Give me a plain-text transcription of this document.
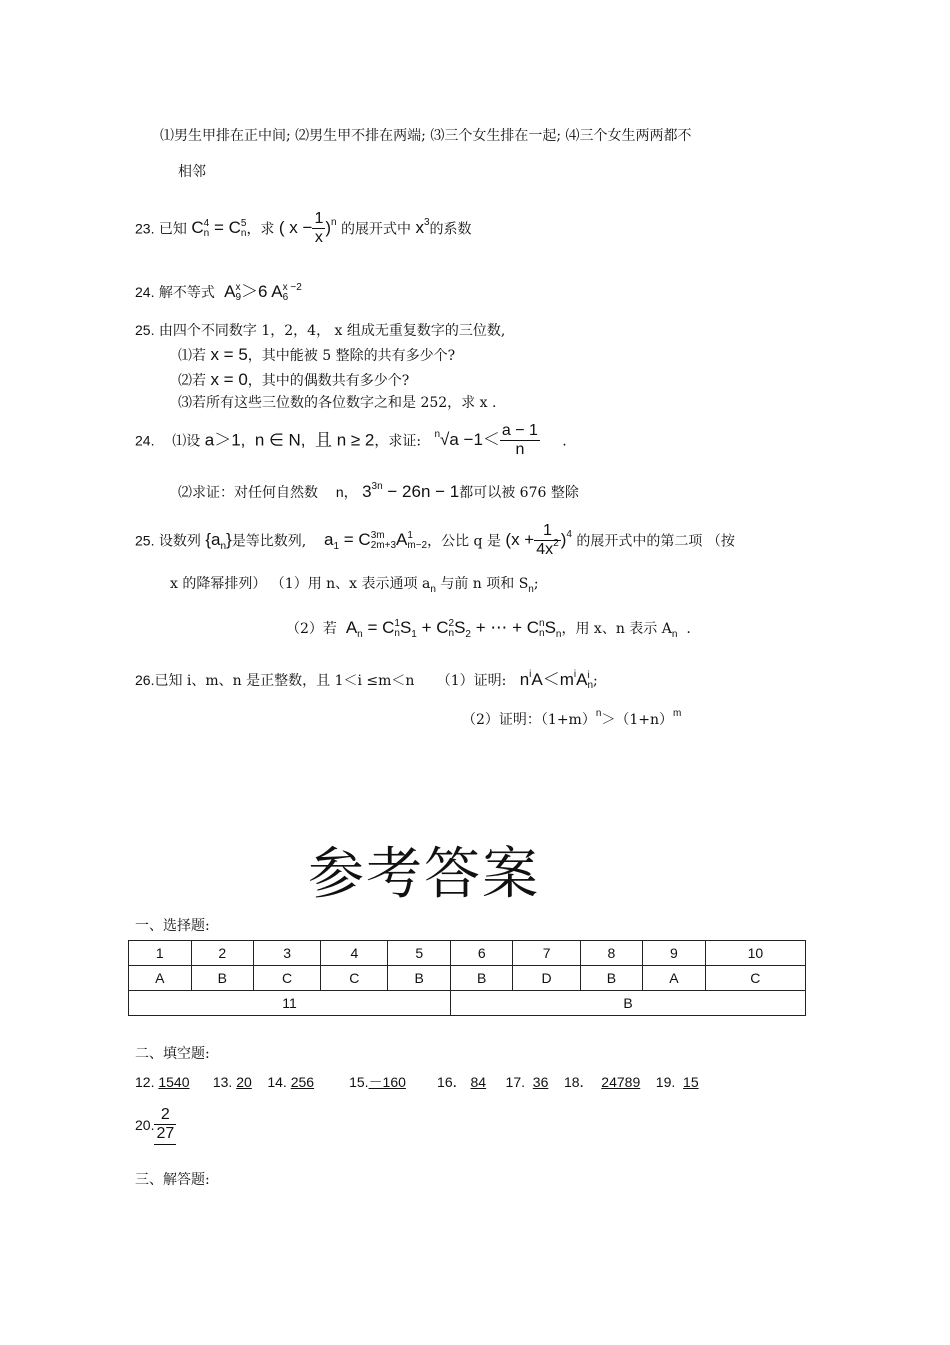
⑴男生甲排在正中间; ⑵男生甲不排在两端; ⑶三个女生排在一起; ⑷三个女生两两都不
相邻
23. 已知 C4
n = C5
n，求 ( $x - \frac{1}{x} )^n$ 的展开式中 $x^3$的系数
24. 解不等式  Ax
9＞6 Ax −2
6
25. 由四个不同数字 1，2，4， x 组成无重复数字的三位数,
⑴若 x = 5，其中能被 5 整除的共有多少个?
⑵若 x = 0，其中的偶数共有多少个?
⑶若所有这些三位数的各位数字之和是 252，求 x .
24. ⑴设 a＞1,  n ∈ N,  且 n ≥ 2，求证: $^n√a -1< \frac{a - 1}{n}$ .
⑵求证：对任何自然数 n， $3^{3n} - 26n - 1$都可以被 676 整除
25. 设数列 $\{a_n\}$是等比数列, $a_1 = C3m$
2m+3A1
m−2，公比 q 是 $(x + \frac{1}{4x^2} )^4$ 的展开式中的第二项 （按
x 的降幂排列） （1）用 n、x 表示通项 $a_n$ 与前 n 项和 $S_n$;
（2）若 $A_n = C1$
$nS_1 + C2$
$nS_2$ + ⋯ + Cn
$nS_n$，用 x、n 表示 $A_n$ .
26.已知 i、m、n 是正整数，且 1＜i ≤m＜n （1）证明: $n^iA<m^iAi$
n;
（2）证明：$(1+m)^n>(1+n)^m$
参考答案
一、选择题:
1	2	3	4	5	6	7	8	9	10
A	B	C	C	B	B	D	B	A	C
11					B				
二、填空题:
12. 1540 13. 20 14. 256	15.－160 16． 84 17. 36 18． 24789 19. 15
20. $\frac{2}{27}$
三、解答题:
